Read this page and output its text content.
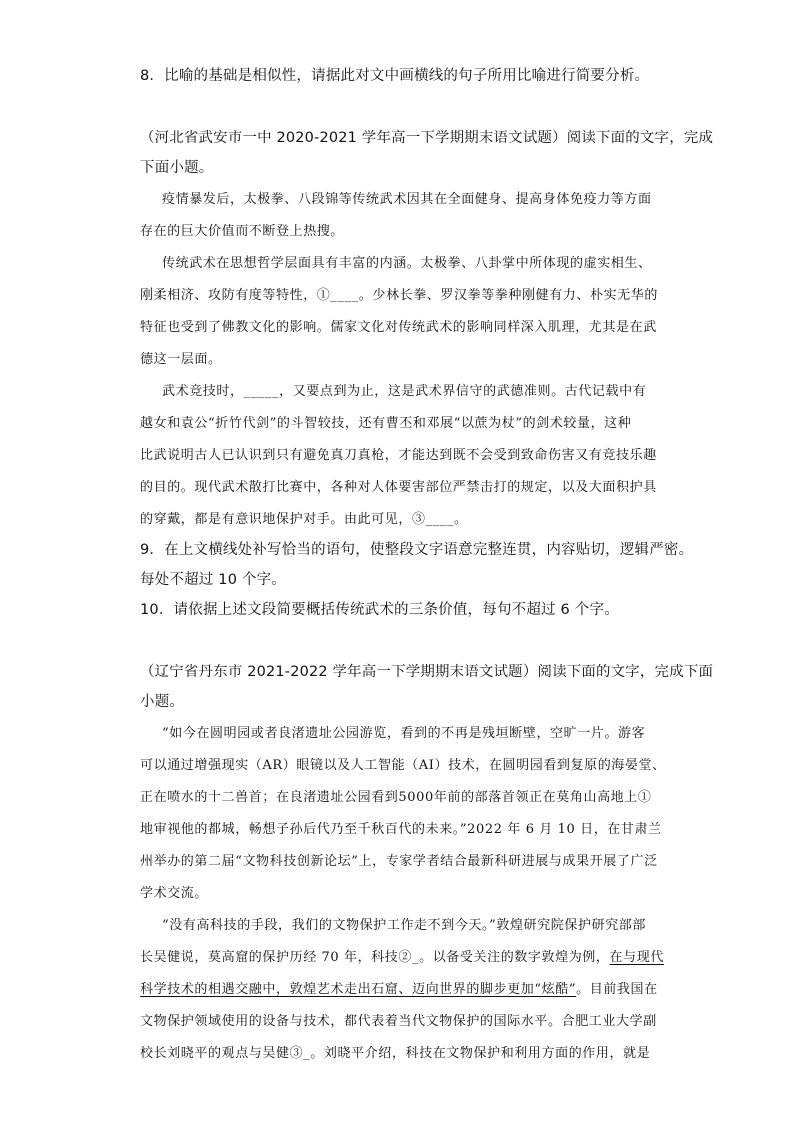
8．比喻的基础是相似性，请据此对文中画横线的句子所用比喻进行简要分析。
（河北省武安市一中 2020-2021 学年高一下学期期末语文试题）阅读下面的文字，完成
下面小题。
疫情暴发后，太极拳、八段锦等传统武术因其在全面健身、提高身体免疫力等方面
存在的巨大价值而不断登上热搜。
传统武术在思想哲学层面具有丰富的内涵。太极拳、八卦掌中所体现的虚实相生、
刚柔相济、攻防有度等特性，①____。少林长拳、罗汉拳等拳种刚健有力、朴实无华的
特征也受到了佛教文化的影响。儒家文化对传统武术的影响同样深入肌理，尤其是在武
德这一层面。
武术竞技时，_____，又要点到为止，这是武术界信守的武德准则。古代记载中有
越女和袁公“折竹代剑”的斗智较技，还有曹丕和邓展“以蔗为杖”的剑术较量，这种
比武说明古人已认识到只有避免真刀真枪，才能达到既不会受到致命伤害又有竞技乐趣
的目的。现代武术散打比赛中，各种对人体要害部位严禁击打的规定，以及大面积护具
的穿戴，都是有意识地保护对手。由此可见，③____。
9．在上文横线处补写恰当的语句，使整段文字语意完整连贯，内容贴切，逻辑严密。
每处不超过 10 个字。
10．请依据上述文段简要概括传统武术的三条价值，每句不超过 6 个字。
（辽宁省丹东市 2021-2022 学年高一下学期期末语文试题）阅读下面的文字，完成下面
小题。
“如今在圆明园或者良渚遗址公园游览，看到的不再是残垣断壁，空旷一片。游客
可以通过增强现实（AR）眼镜以及人工智能（AI）技术，在圆明园看到复原的海晏堂、
正在喷水的十二兽首；在良渚遗址公园看到5000年前的部落首领正在莫角山高地上①
地审视他的都城，畅想子孙后代乃至千秋百代的未来。”2022 年 6 月 10 日，在甘肃兰
州举办的第二届“文物科技创新论坛”上，专家学者结合最新科研进展与成果开展了广泛
学术交流。
“没有高科技的手段，我们的文物保护工作走不到今天。”敦煌研究院保护研究部部
长吴健说，莫高窟的保护历经 70 年，科技②_。以备受关注的数字敦煌为例，在与现代
科学技术的相遇交融中，敦煌艺术走出石窟、迈向世界的脚步更加“炫酷”。目前我国在
文物保护领域使用的设备与技术，都代表着当代文物保护的国际水平。合肥工业大学副
校长刘晓平的观点与吴健③_。刘晓平介绍，科技在文物保护和利用方面的作用，就是
